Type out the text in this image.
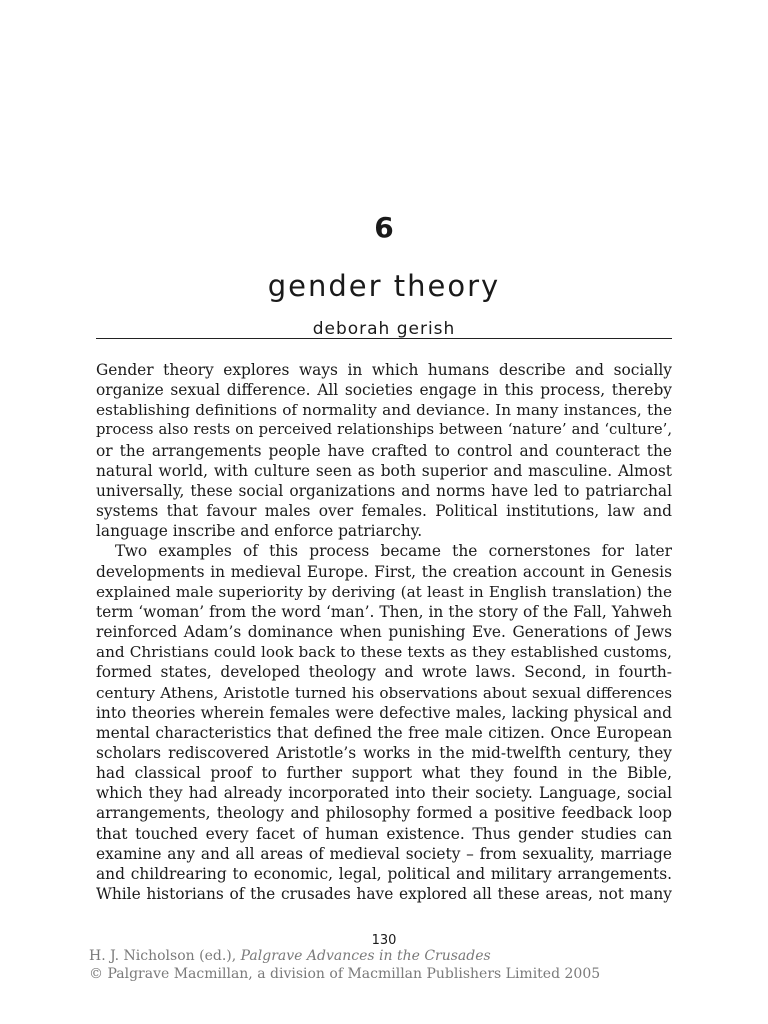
6
gender theory
deborah gerish
Gender theory explores ways in which humans describe and socially
organize sexual difference. All societies engage in this process, thereby
establishing definitions of normality and deviance. In many instances, the
process also rests on perceived relationships between ‘nature’ and ‘culture’,
or the arrangements people have crafted to control and counteract the
natural world, with culture seen as both superior and masculine. Almost
universally, these social organizations and norms have led to patriarchal
systems that favour males over females. Political institutions, law and
language inscribe and enforce patriarchy.
Two examples of this process became the cornerstones for later
developments in medieval Europe. First, the creation account in Genesis
explained male superiority by deriving (at least in English translation) the
term ‘woman’ from the word ‘man’. Then, in the story of the Fall, Yahweh
reinforced Adam’s dominance when punishing Eve. Generations of Jews
and Christians could look back to these texts as they established customs,
formed states, developed theology and wrote laws. Second, in fourth-
century Athens, Aristotle turned his observations about sexual differences
into theories wherein females were defective males, lacking physical and
mental characteristics that defined the free male citizen. Once European
scholars rediscovered Aristotle’s works in the mid-twelfth century, they
had classical proof to further support what they found in the Bible,
which they had already incorporated into their society. Language, social
arrangements, theology and philosophy formed a positive feedback loop
that touched every facet of human existence. Thus gender studies can
examine any and all areas of medieval society – from sexuality, marriage
and childrearing to economic, legal, political and military arrangements.
While historians of the crusades have explored all these areas, not many
130
H. J. Nicholson (ed.), Palgrave Advances in the Crusades
© Palgrave Macmillan, a division of Macmillan Publishers Limited 2005
